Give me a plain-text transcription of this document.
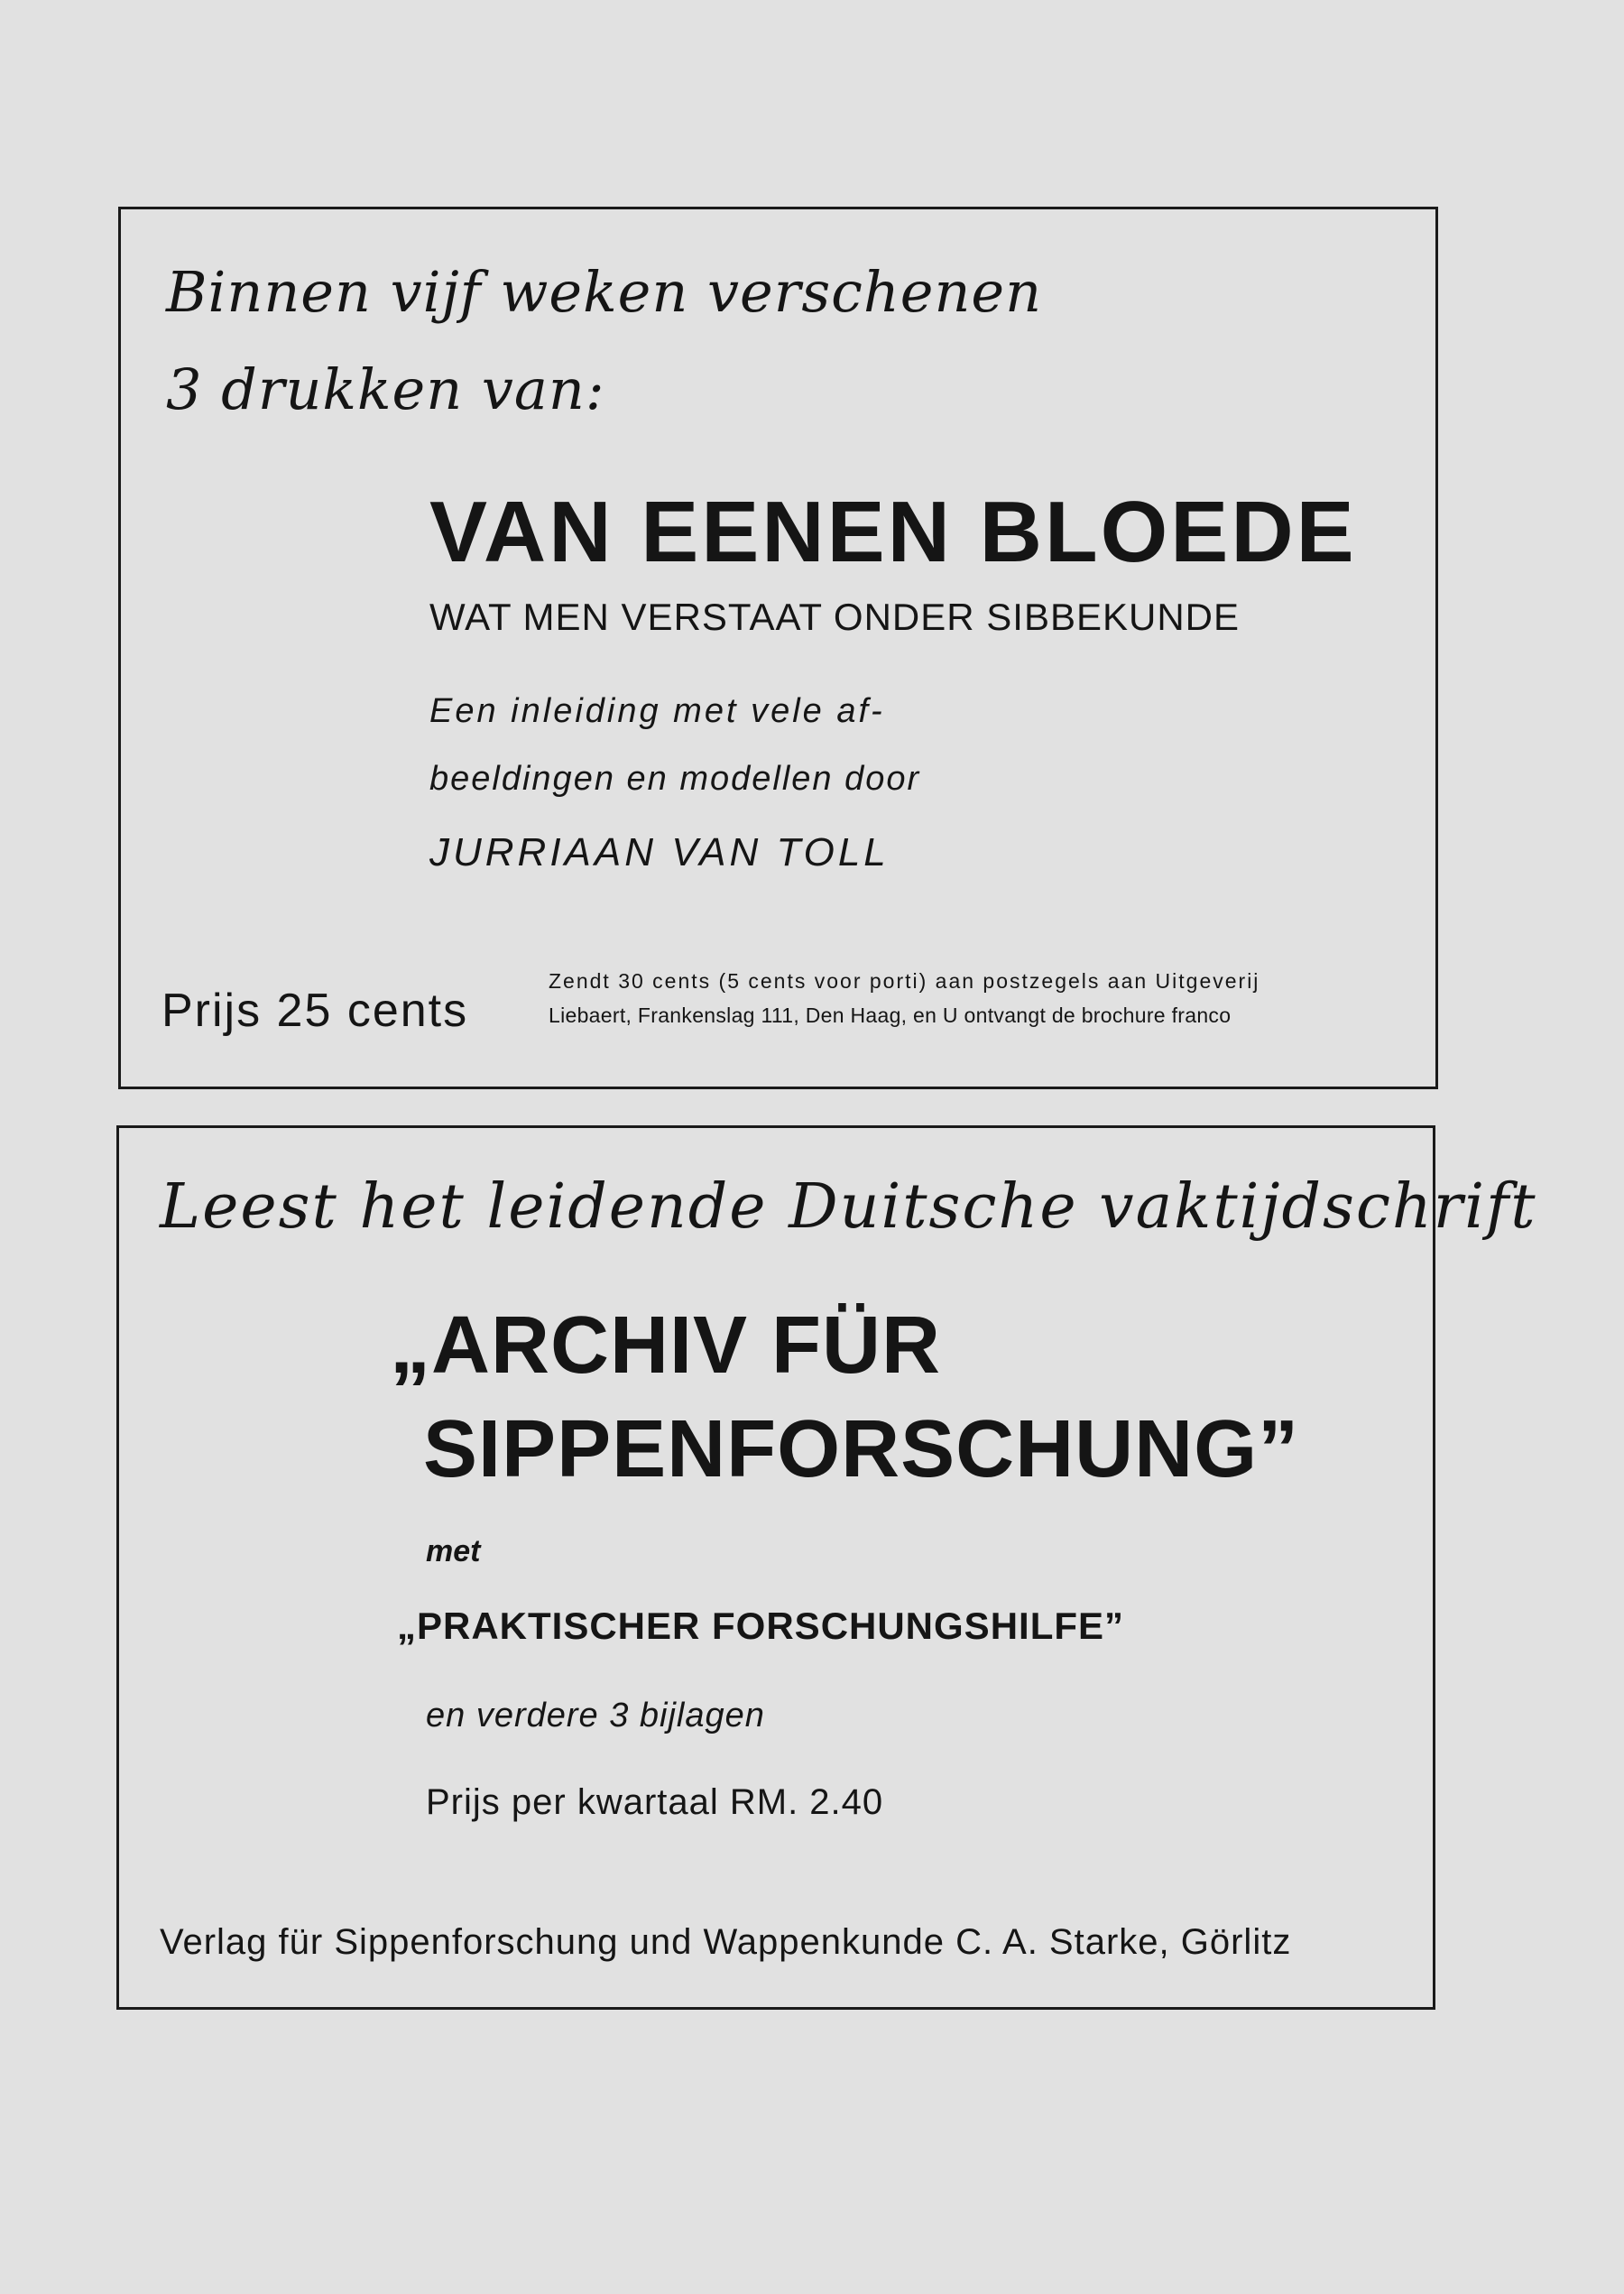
Binnen vijf weken verschenen

3 drukken van:

VAN EENEN BLOEDE

WAT MEN VERSTAAT ONDER SIBBEKUNDE

Een inleiding met vele af-

beeldingen en modellen door

JURRIAAN VAN TOLL

Prijs 25 cents

Zendt 30 cents (5 cents voor porti) aan postzegels aan Uitgeverij

Liebaert, Frankenslag 111, Den Haag, en U ontvangt de brochure franco

Leest het leidende Duitsche vaktijdschrift

„ARCHIV FÜR

SIPPENFORSCHUNG”

met

„PRAKTISCHER FORSCHUNGSHILFE”

en verdere 3 bijlagen

Prijs per kwartaal RM. 2.40

Verlag für Sippenforschung und Wappenkunde C. A. Starke, Görlitz
